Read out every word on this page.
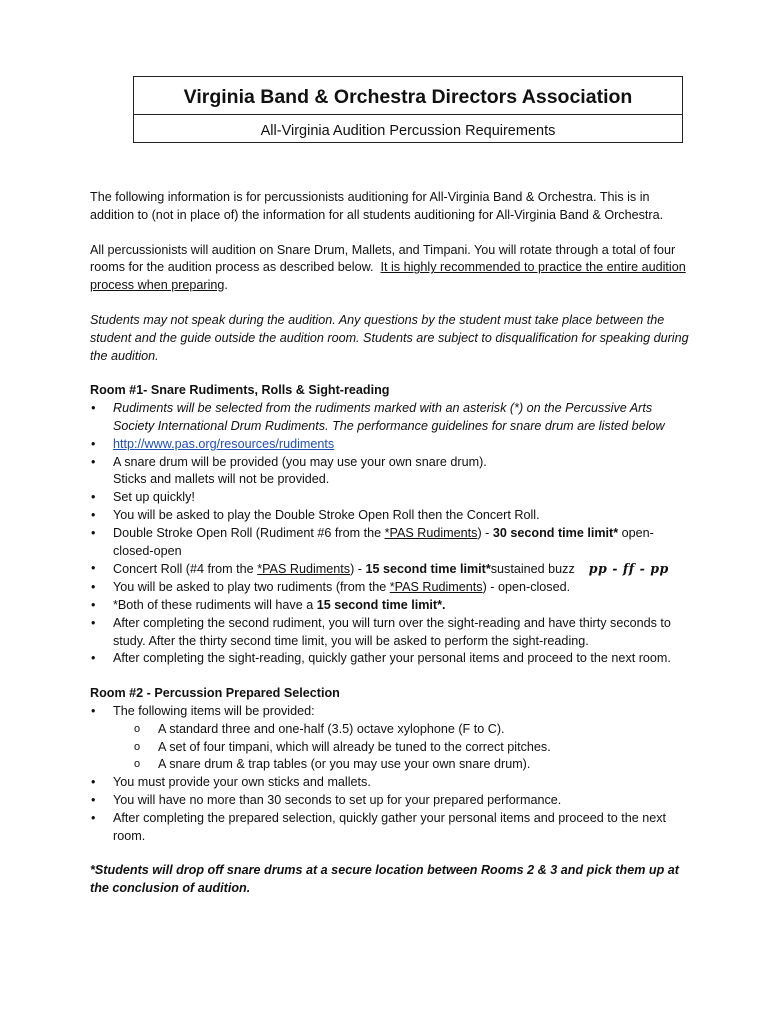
Virginia Band & Orchestra Directors Association
All-Virginia Audition Percussion Requirements

The following information is for percussionists auditioning for All-Virginia Band & Orchestra. This is in addition to (not in place of) the information for all students auditioning for All-Virginia Band & Orchestra.

All percussionists will audition on Snare Drum, Mallets, and Timpani. You will rotate through a total of four rooms for the audition process as described below. It is highly recommended to practice the entire audition process when preparing.

Students may not speak during the audition. Any questions by the student must take place between the student and the guide outside the audition room. Students are subject to disqualification for speaking during the audition.

Room #1- Snare Rudiments, Rolls & Sight-reading
• Rudiments will be selected from the rudiments marked with an asterisk (*) on the Percussive Arts Society International Drum Rudiments. The performance guidelines for snare drum are listed below
• http://www.pas.org/resources/rudiments
• A snare drum will be provided (you may use your own snare drum).
Sticks and mallets will not be provided.
• Set up quickly!
• You will be asked to play the Double Stroke Open Roll then the Concert Roll.
• Double Stroke Open Roll (Rudiment #6 from the *PAS Rudiments) - 30 second time limit* open-closed-open
• Concert Roll (#4 from the *PAS Rudiments) - 15 second time limit*sustained buzz pp - ff - pp
• You will be asked to play two rudiments (from the *PAS Rudiments) - open-closed.
• *Both of these rudiments will have a 15 second time limit*.
• After completing the second rudiment, you will turn over the sight-reading and have thirty seconds to study. After the thirty second time limit, you will be asked to perform the sight-reading.
• After completing the sight-reading, quickly gather your personal items and proceed to the next room.
Room #2 - Percussion Prepared Selection
• The following items will be provided:
o A standard three and one-half (3.5) octave xylophone (F to C).
o A set of four timpani, which will already be tuned to the correct pitches.
o A snare drum & trap tables (or you may use your own snare drum).
• You must provide your own sticks and mallets.
• You will have no more than 30 seconds to set up for your prepared performance.
• After completing the prepared selection, quickly gather your personal items and proceed to the next room.

*Students will drop off snare drums at a secure location between Rooms 2 & 3 and pick them up at the conclusion of audition.
